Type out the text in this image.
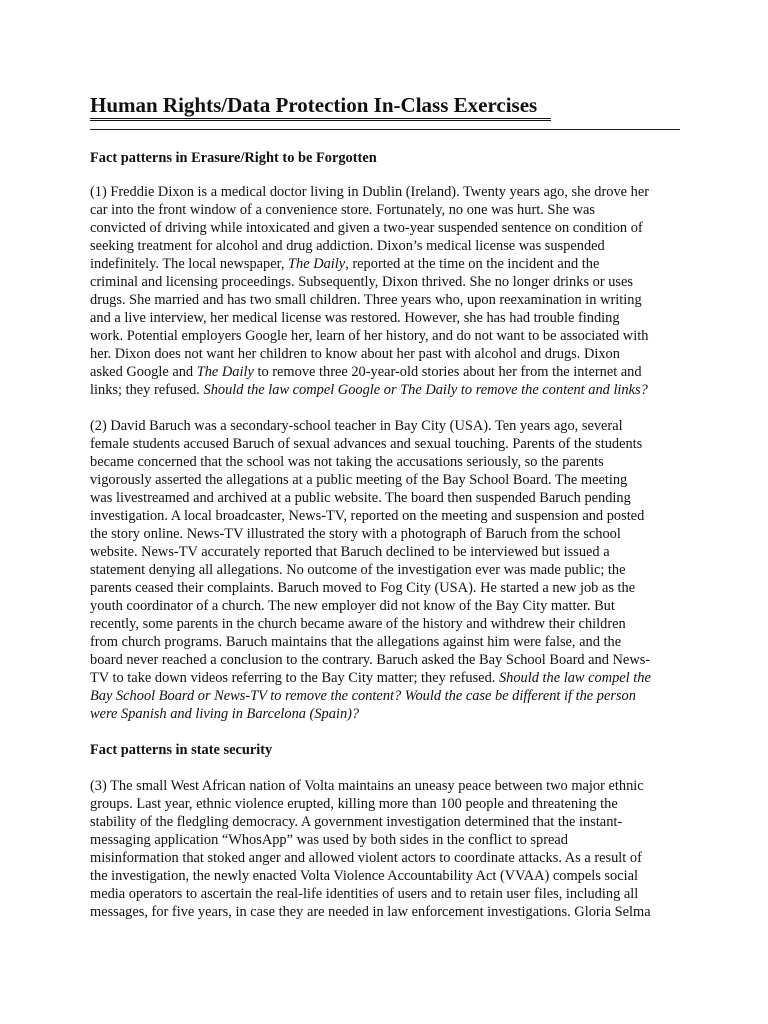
Human Rights/Data Protection In-Class Exercises
Fact patterns in Erasure/Right to be Forgotten
(1) Freddie Dixon is a medical doctor living in Dublin (Ireland). Twenty years ago, she drove her
car into the front window of a convenience store. Fortunately, no one was hurt. She was
convicted of driving while intoxicated and given a two-year suspended sentence on condition of
seeking treatment for alcohol and drug addiction. Dixon’s medical license was suspended
indefinitely. The local newspaper, The Daily, reported at the time on the incident and the
criminal and licensing proceedings. Subsequently, Dixon thrived. She no longer drinks or uses
drugs. She married and has two small children. Three years who, upon reexamination in writing
and a live interview, her medical license was restored. However, she has had trouble finding
work. Potential employers Google her, learn of her history, and do not want to be associated with
her. Dixon does not want her children to know about her past with alcohol and drugs. Dixon
asked Google and The Daily to remove three 20-year-old stories about her from the internet and
links; they refused. Should the law compel Google or The Daily to remove the content and links?
(2) David Baruch was a secondary-school teacher in Bay City (USA). Ten years ago, several
female students accused Baruch of sexual advances and sexual touching. Parents of the students
became concerned that the school was not taking the accusations seriously, so the parents
vigorously asserted the allegations at a public meeting of the Bay School Board. The meeting
was livestreamed and archived at a public website. The board then suspended Baruch pending
investigation. A local broadcaster, News-TV, reported on the meeting and suspension and posted
the story online. News-TV illustrated the story with a photograph of Baruch from the school
website. News-TV accurately reported that Baruch declined to be interviewed but issued a
statement denying all allegations. No outcome of the investigation ever was made public; the
parents ceased their complaints. Baruch moved to Fog City (USA). He started a new job as the
youth coordinator of a church. The new employer did not know of the Bay City matter. But
recently, some parents in the church became aware of the history and withdrew their children
from church programs. Baruch maintains that the allegations against him were false, and the
board never reached a conclusion to the contrary. Baruch asked the Bay School Board and News-
TV to take down videos referring to the Bay City matter; they refused. Should the law compel the
Bay School Board or News-TV to remove the content? Would the case be different if the person
were Spanish and living in Barcelona (Spain)?
Fact patterns in state security
(3) The small West African nation of Volta maintains an uneasy peace between two major ethnic
groups. Last year, ethnic violence erupted, killing more than 100 people and threatening the
stability of the fledgling democracy. A government investigation determined that the instant-
messaging application “WhosApp” was used by both sides in the conflict to spread
misinformation that stoked anger and allowed violent actors to coordinate attacks. As a result of
the investigation, the newly enacted Volta Violence Accountability Act (VVAA) compels social
media operators to ascertain the real-life identities of users and to retain user files, including all
messages, for five years, in case they are needed in law enforcement investigations. Gloria Selma
